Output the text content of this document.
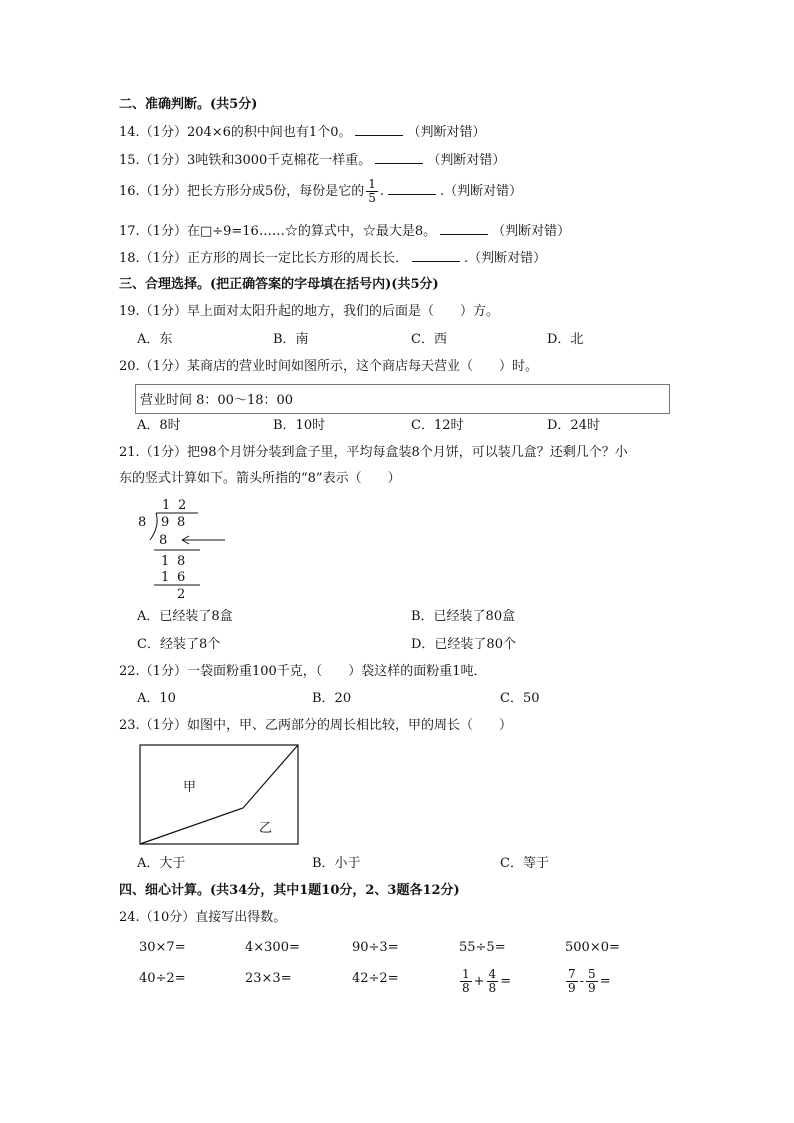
二、准确判断。(共5分)
14.（1分）204×6的积中间也有1个0。	（判断对错）
15.（1分）3吨铁和3000千克棉花一样重。	（判断对错）
16.（1分）把长方形分成5份，每份是它的 $\frac{1}{5}$ .	.（判断对错）
17.（1分）在□÷9=16……☆的算式中，☆最大是8。	（判断对错）
18.（1分）正方形的周长一定比长方形的周长长．	.（判断对错）
三、合理选择。(把正确答案的字母填在括号内)(共5分)
19.（1分）早上面对太阳升起的地方，我们的后面是（　　）方。
A．东	B．南	C．西	D．北
20.（1分）某商店的营业时间如图所示，这个商店每天营业（　　）时。
营业时间 8：00～18：00
A．8时	B．10时	C．12时	D．24时
21.（1分）把98个月饼分装到盒子里，平均每盒装8个月饼，可以装几盒？还剩几个？小
东的竖式计算如下。箭头所指的“8”表示（　　）
1 2
8 9 8
8
1 8
1 6
2
A．已经装了8盒	B．已经装了80盒
C．经装了8个	D．已经装了80个
22.（1分）一袋面粉重100千克，（　　）袋这样的面粉重1吨．
A．10	B．20	C．50
23.（1分）如图中，甲、乙两部分的周长相比较，甲的周长（　　）
甲
乙
A．大于	B．小于	C．等于
四、细心计算。(共34分，其中1题10分，2、3题各12分)
24.（10分）直接写出得数。
30×7=	4×300=	90÷3=	55÷5=	500×0=
40÷2=	23×3=	42÷2=	$\frac{1}{8} + \frac{4}{8}$ =	$\frac{7}{9} - \frac{5}{9}$ =
